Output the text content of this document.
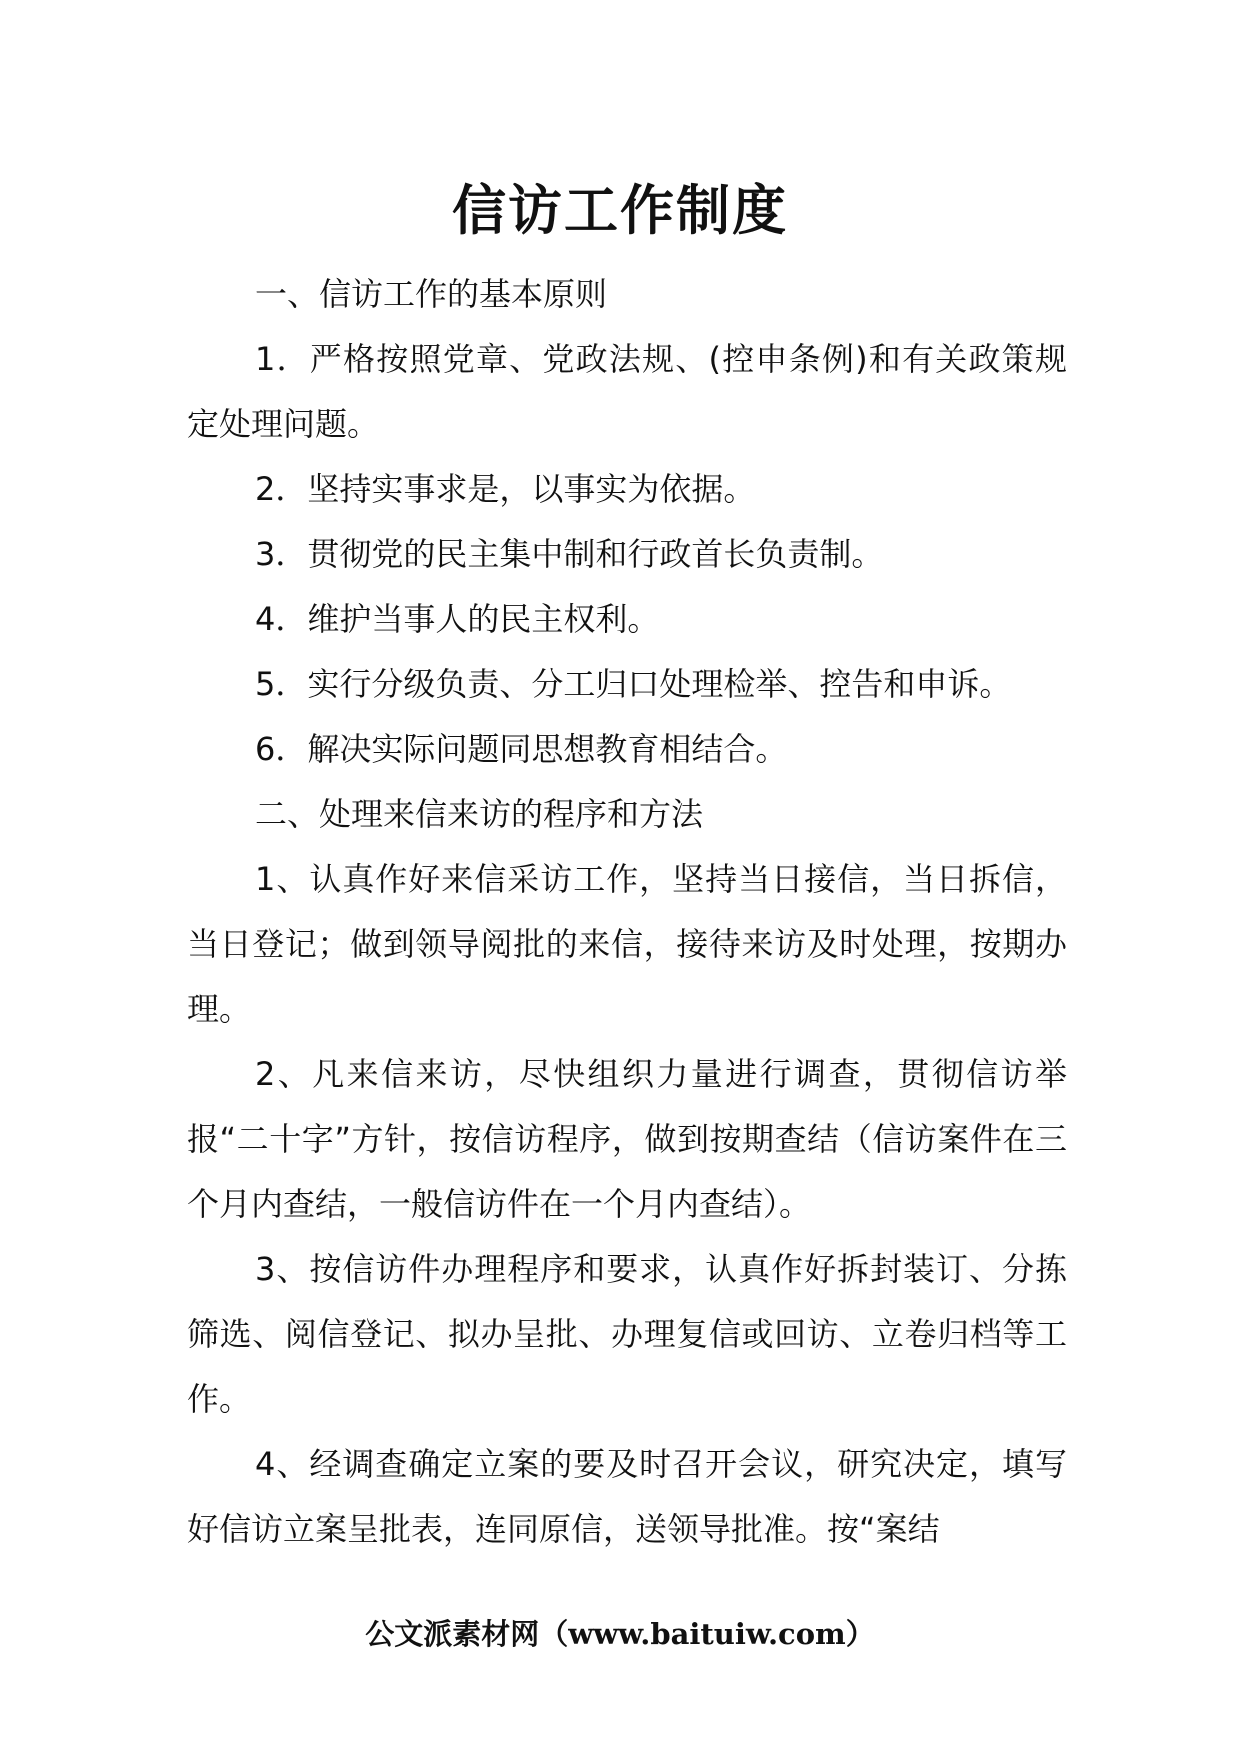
信访工作制度

一、信访工作的基本原则

1．严格按照党章、党政法规、(控申条例)和有关政策规定处理问题。

2．坚持实事求是，以事实为依据。

3．贯彻党的民主集中制和行政首长负责制。

4．维护当事人的民主权利。

5．实行分级负责、分工归口处理检举、控告和申诉。

6．解决实际问题同思想教育相结合。

二、处理来信来访的程序和方法

1、认真作好来信采访工作，坚持当日接信，当日拆信，当日登记；做到领导阅批的来信，接待来访及时处理，按期办理。

2、凡来信来访，尽快组织力量进行调查，贯彻信访举报“二十字”方针，按信访程序，做到按期查结（信访案件在三个月内查结，一般信访件在一个月内查结）。

3、按信访件办理程序和要求，认真作好拆封装订、分拣筛选、阅信登记、拟办呈批、办理复信或回访、立卷归档等工作。

4、经调查确定立案的要及时召开会议，研究决定，填写好信访立案呈批表，连同原信，送领导批准。按“案结

公文派素材网（www.baituiw.com）
